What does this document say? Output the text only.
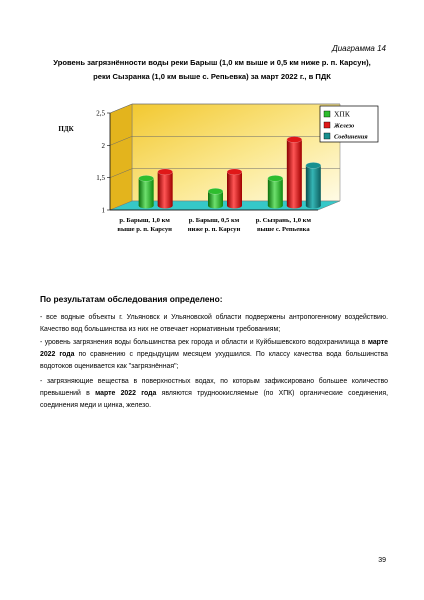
Диаграмма 14
Уровень загрязнённости воды реки Барыш (1,0 км выше и 0,5 км ниже р. п. Карсун),
реки Сызранка (1,0 км выше с. Репьевка) за март 2022 г., в ПДК
1
1,5
2
2,5
р. Барыш, 1,0 км
выше р. п. Карсун
р. Барыш, 0,5 км
ниже р. п. Карсун
р. Сызрань, 1,0 км
выше с. Репьевка
ПДК
ХПК
Железо
Соединения
По результатам обследования определено:
- все водные объекты г. Ульяновск и Ульяновской области подвержены антропогенному воздействию. Качество вод большинства из них не отвечает нормативным требованиям;
- уровень загрязнения воды большинства рек города и области и Куйбышевского водохранилища в марте 2022 года по сравнению с предыдущим месяцем ухудшился. По классу качества вода большинства водотоков оценивается как "загрязнённая";
- загрязняющие вещества в поверхностных водах, по которым зафиксировано большее количество превышений в марте 2022 года являются трудноокисляемые (по ХПК) органические соединения, соединения меди и цинка, железо.
39
